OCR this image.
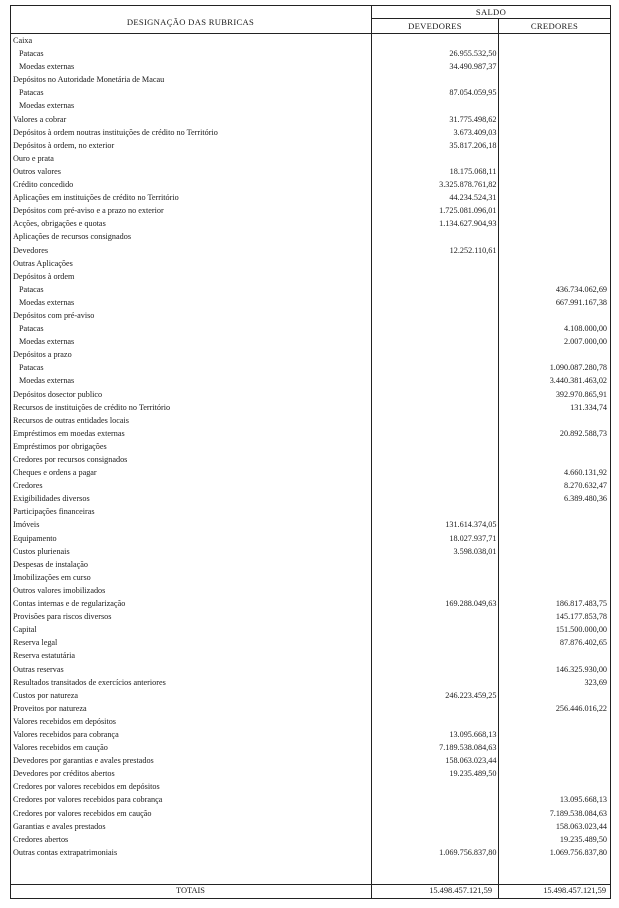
DESIGNAÇÃO DAS RUBRICAS
SALDO
DEVEDORES	CREDORES
Caixa		
Patacas	26.955.532,50	
Moedas externas	34.490.987,37	
Depósitos no Autoridade Monetária de Macau		
Patacas	87.054.059,95	
Moedas externas		
Valores a cobrar	31.775.498,62	
Depósitos à ordem noutras instituições de crédito no Território	3.673.409,03	
Depósitos à ordem, no exterior	35.817.206,18	
Ouro e prata		
Outros valores	18.175.068,11	
Crédito concedido	3.325.878.761,82	
Aplicações em instituições de crédito no Território	44.234.524,31	
Depósitos com pré-aviso e a prazo no exterior	1.725.081.096,01	
Acções, obrigações e quotas	1.134.627.904,93	
Aplicações de recursos consignados		
Devedores	12.252.110,61	
Outras Aplicações		
Depósitos à ordem		
Patacas		436.734.062,69
Moedas externas		667.991.167,38
Depósitos com pré-aviso		
Patacas		4.108.000,00
Moedas externas		2.007.000,00
Depósitos a prazo		
Patacas		1.090.087.280,78
Moedas externas		3.440.381.463,02
Depósitos dosector publico		392.970.865,91
Recursos de instituições de crédito no Território		131.334,74
Recursos de outras entidades locais		
Empréstimos em moedas externas		20.892.588,73
Empréstimos por obrigações		
Credores por recursos consignados		
Cheques e ordens a pagar		4.660.131,92
Credores		8.270.632,47
Exigibilidades diversos		6.389.480,36
Participações financeiras		
Imóveis	131.614.374,05	
Equipamento	18.027.937,71	
Custos plurienais	3.598.038,01	
Despesas de instalação		
Imobilizações em curso		
Outros valores imobilizados		
Contas internas e de regularização	169.288.049,63	186.817.483,75
Provisões para riscos diversos		145.177.853,78
Capital		151.500.000,00
Reserva legal		87.876.402,65
Reserva estatutária		
Outras reservas		146.325.930,00
Resultados transitados de exercícios anteriores		323,69
Custos por natureza	246.223.459,25	
Proveitos por natureza		256.446.016,22
Valores recebidos em depósitos		
Valores recebidos para cobrança	13.095.668,13	
Valores recebidos em caução	7.189.538.084,63	
Devedores por garantias e avales prestados	158.063.023,44	
Devedores por créditos abertos	19.235.489,50	
Credores por valores recebidos em depósitos		
Credores por valores recebidos para cobrança		13.095.668,13
Credores por valores recebidos em caução		7.189.538.084,63
Garantias e avales prestados		158.063.023,44
Credores abertos		19.235.489,50
Outras contas extrapatrimoniais	1.069.756.837,80	1.069.756.837,80
TOTAIS	15.498.457.121,59	15.498.457.121,59
